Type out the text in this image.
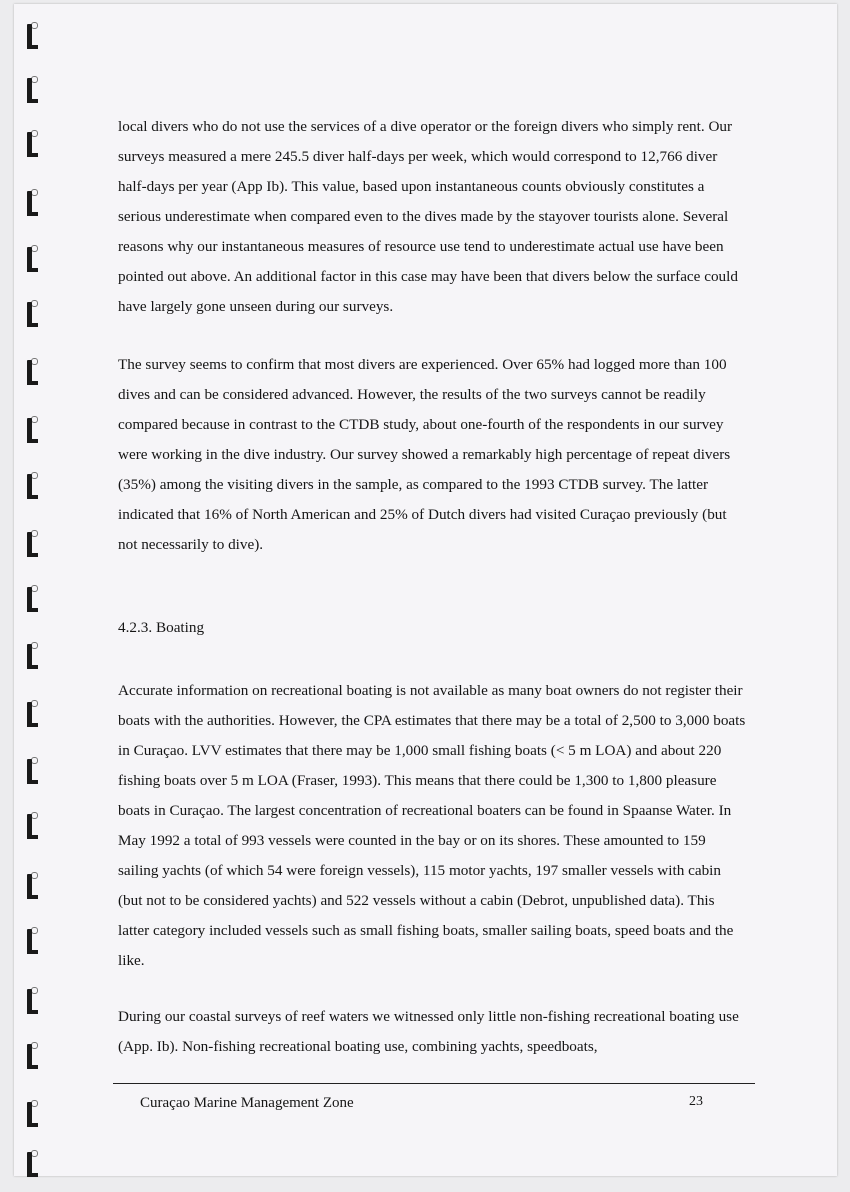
local divers who do not use the services of a dive operator or the foreign divers who simply rent. Our surveys measured a mere 245.5 diver half-days per week, which would correspond to 12,766 diver half-days per year (App Ib). This value, based upon instantaneous counts obviously constitutes a serious underestimate when compared even to the dives made by the stayover tourists alone. Several reasons why our instantaneous measures of resource use tend to underestimate actual use have been pointed out above. An additional factor in this case may have been that divers below the surface could have largely gone unseen during our surveys.

The survey seems to confirm that most divers are experienced. Over 65% had logged more than 100 dives and can be considered advanced. However, the results of the two surveys cannot be readily compared because in contrast to the CTDB study, about one-fourth of the respondents in our survey were working in the dive industry. Our survey showed a remarkably high percentage of repeat divers (35%) among the visiting divers in the sample, as compared to the 1993 CTDB survey. The latter indicated that 16% of North American and 25% of Dutch divers had visited Curaçao previously (but not necessarily to dive).

Accurate information on recreational boating is not available as many boat owners do not register their boats with the authorities. However, the CPA estimates that there may be a total of 2,500 to 3,000 boats in Curaçao. LVV estimates that there may be 1,000 small fishing boats (< 5 m LOA) and about 220 fishing boats over 5 m LOA (Fraser, 1993). This means that there could be 1,300 to 1,800 pleasure boats in Curaçao. The largest concentration of recreational boaters can be found in Spaanse Water. In May 1992 a total of 993 vessels were counted in the bay or on its shores. These amounted to 159 sailing yachts (of which 54 were foreign vessels), 115 motor yachts, 197 smaller vessels with cabin (but not to be considered yachts) and 522 vessels without a cabin (Debrot, unpublished data). This latter category included vessels such as small fishing boats, smaller sailing boats, speed boats and the like.

During our coastal surveys of reef waters we witnessed only little non-fishing recreational boating use (App. Ib). Non-fishing recreational boating use, combining yachts, speedboats,

4.2.3. Boating
Curaçao Marine Management Zone	23
